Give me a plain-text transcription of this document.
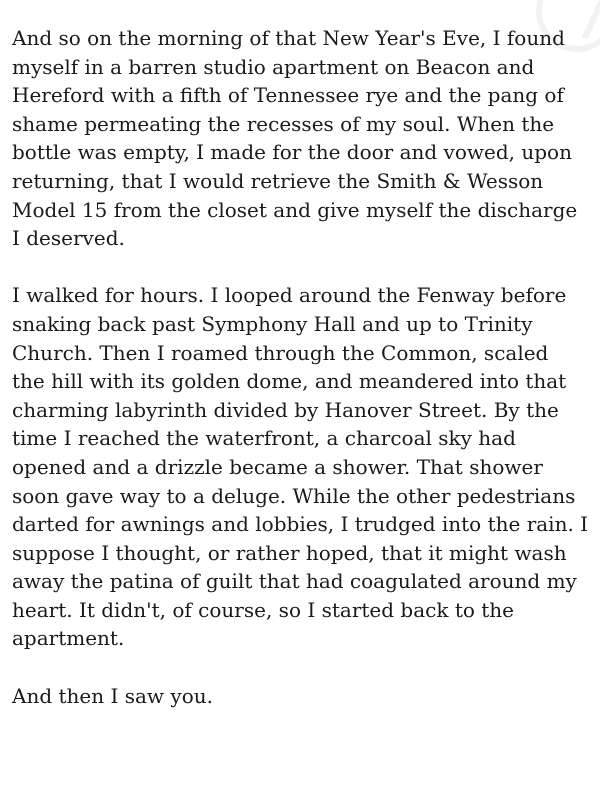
And so on the morning of that New Year's Eve, I found
myself in a barren studio apartment on Beacon and
Hereford with a fifth of Tennessee rye and the pang of
shame permeating the recesses of my soul. When the
bottle was empty, I made for the door and vowed, upon
returning, that I would retrieve the Smith & Wesson
Model 15 from the closet and give myself the discharge
I deserved.

I walked for hours. I looped around the Fenway before
snaking back past Symphony Hall and up to Trinity
Church. Then I roamed through the Common, scaled
the hill with its golden dome, and meandered into that
charming labyrinth divided by Hanover Street. By the
time I reached the waterfront, a charcoal sky had
opened and a drizzle became a shower. That shower
soon gave way to a deluge. While the other pedestrians
darted for awnings and lobbies, I trudged into the rain. I
suppose I thought, or rather hoped, that it might wash
away the patina of guilt that had coagulated around my
heart. It didn't, of course, so I started back to the
apartment.

And then I saw you.
